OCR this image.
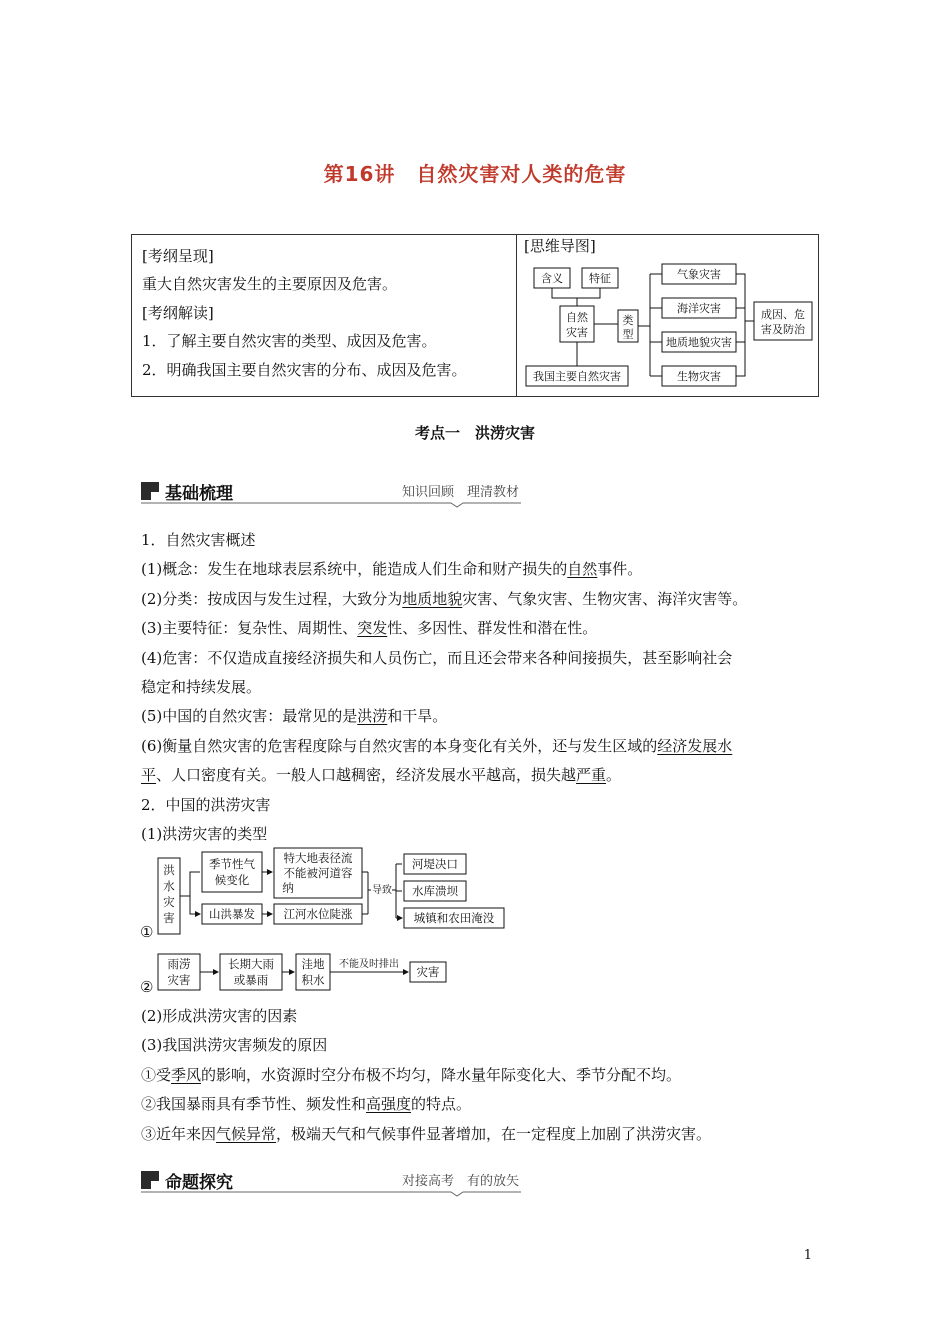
第16讲　自然灾害对人类的危害
[考纲呈现]
重大自然灾害发生的主要原因及危害。
[考纲解读]
1．了解主要自然灾害的类型、成因及危害。
2．明确我国主要自然灾害的分布、成因及危害。
[思维导图]
含义 特征
自然
灾害
类
型
气象灾害
海洋灾害
地质地貌灾害
生物灾害
成因、危
害及防治
我国主要自然灾害
考点一　洪涝灾害
基础梳理	知识回顾　理清教材

1．自然灾害概述

(1)概念：发生在地球表层系统中，能造成人们生命和财产损失的自然事件。

(2)分类：按成因与发生过程，大致分为地质地貌灾害、气象灾害、生物灾害、海洋灾害等。

(3)主要特征：复杂性、周期性、突发性、多因性、群发性和潜在性。

(4)危害：不仅造成直接经济损失和人员伤亡，而且还会带来各种间接损失，甚至影响社会

稳定和持续发展。

(5)中国的自然灾害：最常见的是洪涝和干旱。

(6)衡量自然灾害的危害程度除与自然灾害的本身变化有关外，还与发生区域的经济发展水

平、人口密度有关。一般人口越稠密，经济发展水平越高，损失越严重。

2．中国的洪涝灾害

(1)洪涝灾害的类型

洪
水
灾
害
季节性气
候变化
山洪暴发
特大地表径流
不能被河道容
纳
江河水位陡涨
导致
河堤决口
水库溃坝
城镇和农田淹没
①
雨涝
灾害
长期大雨
或暴雨
洼地
积水
不能及时排出
灾害
②

(2)形成洪涝灾害的因素

(3)我国洪涝灾害频发的原因

①受季风的影响，水资源时空分布极不均匀，降水量年际变化大、季节分配不均。

②我国暴雨具有季节性、频发性和高强度的特点。

③近年来因气候异常，极端天气和气候事件显著增加，在一定程度上加剧了洪涝灾害。

命题探究	对接高考　有的放矢
1
